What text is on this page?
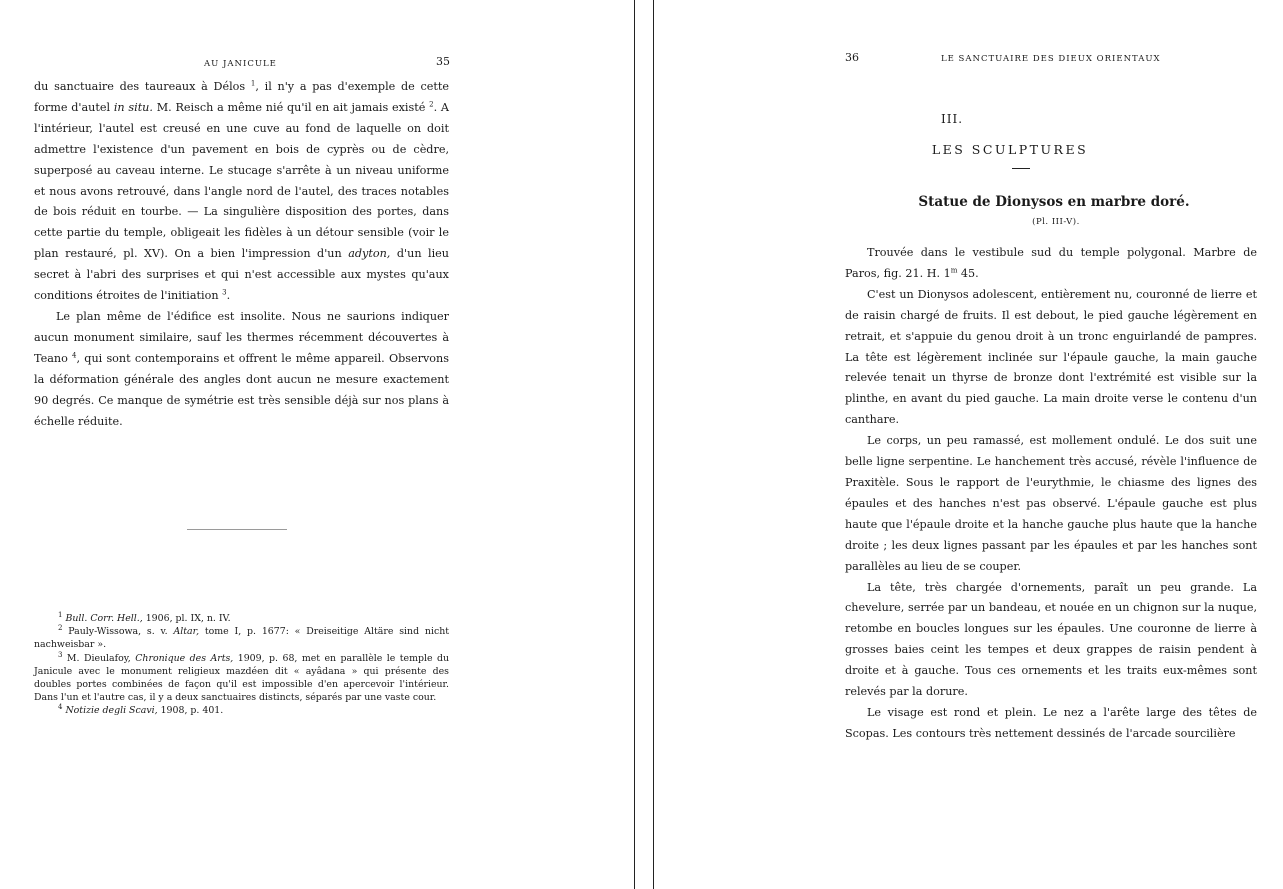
AU JANICULE	35

du sanctuaire des taureaux à Délos $^1$, il n'y a pas d'exemple de cette forme d'autel in situ. M. Reisch a même nié qu'il en ait jamais existé $^2$. A l'intérieur, l'autel est creusé en une cuve au fond de laquelle on doit admettre l'existence d'un pavement en bois de cyprès ou de cèdre, superposé au caveau interne. Le stucage s'arrête à un niveau uniforme et nous avons retrouvé, dans l'angle nord de l'autel, des traces notables de bois réduit en tourbe. — La singulière disposition des portes, dans cette partie du temple, obligeait les fidèles à un détour sensible (voir le plan restauré, pl. XV). On a bien l'impression d'un adyton, d'un lieu secret à l'abri des surprises et qui n'est accessible aux mystes qu'aux conditions étroites de l'initiation $^3$.

Le plan même de l'édifice est insolite. Nous ne saurions indiquer aucun monument similaire, sauf les thermes récemment découvertes à Teano $^4$, qui sont contemporains et offrent le même appareil. Observons la déformation générale des angles dont aucun ne mesure exactement 90 degrés. Ce manque de symétrie est très sensible déjà sur nos plans à échelle réduite.

$^1$ Bull. Corr. Hell., 1906, pl. IX, n. IV.

$^2$ Pauly-Wissowa, s. v. Altar, tome I, p. 1677: « Dreiseitige Altäre sind nicht nachweisbar ».

$^3$ M. Dieulafoy, Chronique des Arts, 1909, p. 68, met en parallèle le temple du Janicule avec le monument religieux mazdéen dit « ayâdana » qui présente des doubles portes combinées de façon qu'il est impossible d'en apercevoir l'intérieur. Dans l'un et l'autre cas, il y a deux sanctuaires distincts, séparés par une vaste cour.

$^4$ Notizie degli Scavi, 1908, p. 401.

36	LE SANCTUAIRE DES DIEUX ORIENTAUX
III.
LES SCULPTURES
Statue de Dionysos en marbre doré.
(Pl. III-V).

Trouvée dans le vestibule sud du temple polygonal. Marbre de Paros, fig. 21. H. 1$^m$ 45.

C'est un Dionysos adolescent, entièrement nu, couronné de lierre et de raisin chargé de fruits. Il est debout, le pied gauche légèrement en retrait, et s'appuie du genou droit à un tronc enguirlandé de pampres. La tête est légèrement inclinée sur l'épaule gauche, la main gauche relevée tenait un thyrse de bronze dont l'extrémité est visible sur la plinthe, en avant du pied gauche. La main droite verse le contenu d'un canthare.

Le corps, un peu ramassé, est mollement ondulé. Le dos suit une belle ligne serpentine. Le hanchement très accusé, révèle l'influence de Praxitèle. Sous le rapport de l'eurythmie, le chiasme des lignes des épaules et des hanches n'est pas observé. L'épaule gauche est plus haute que l'épaule droite et la hanche gauche plus haute que la hanche droite ; les deux lignes passant par les épaules et par les hanches sont parallèles au lieu de se couper.

La tête, très chargée d'ornements, paraît un peu grande. La chevelure, serrée par un bandeau, et nouée en un chignon sur la nuque, retombe en boucles longues sur les épaules. Une couronne de lierre à grosses baies ceint les tempes et deux grappes de raisin pendent à droite et à gauche. Tous ces ornements et les traits eux-mêmes sont relevés par la dorure.

Le visage est rond et plein. Le nez a l'arête large des têtes de Scopas. Les contours très nettement dessinés de l'arcade sourcilière
